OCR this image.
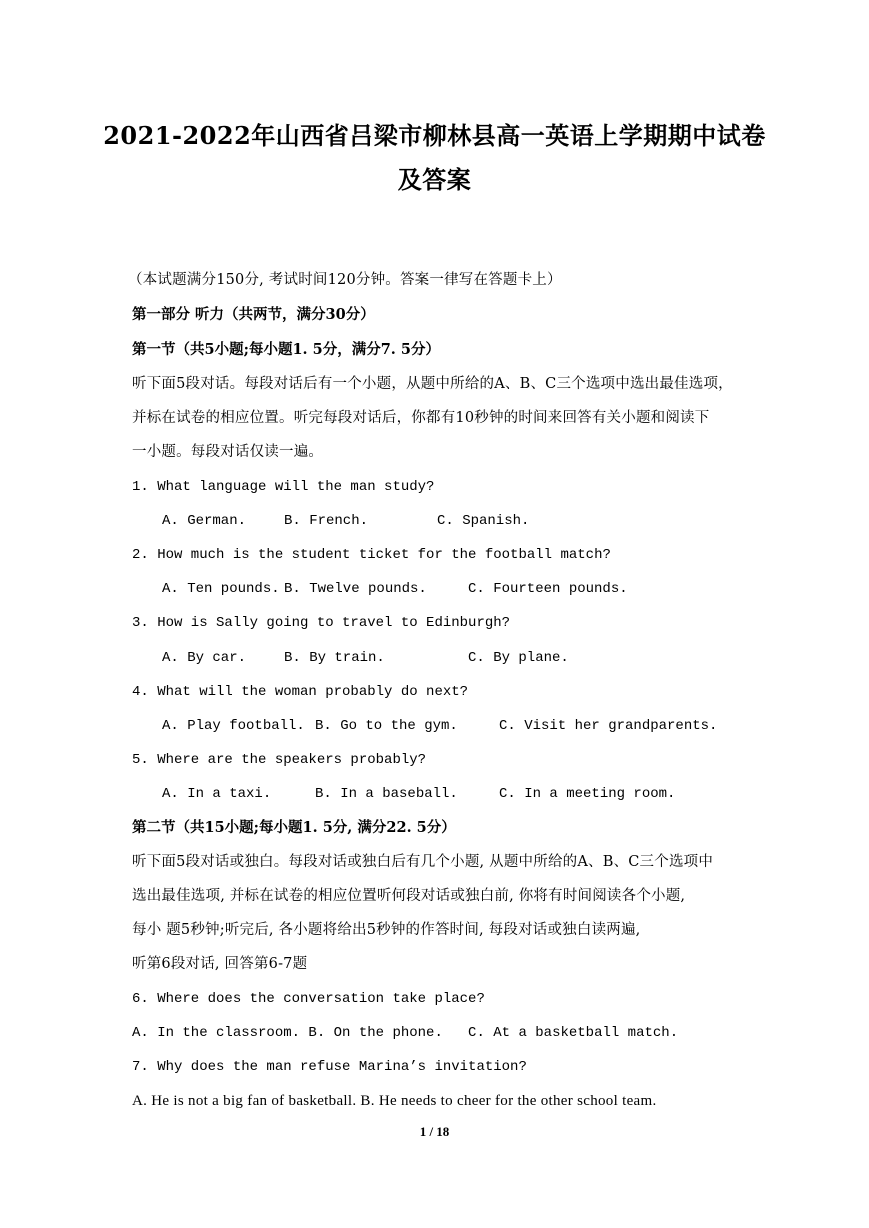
2021-2022年山西省吕梁市柳林县高一英语上学期期中试卷
及答案
（本试题满分150分, 考试时间120分钟。答案一律写在答题卡上）
第一部分 听力（共两节，满分30分）
第一节（共5小题;每小题1. 5分，满分7. 5分）
听下面5段对话。每段对话后有一个小题，从题中所给的A、B、C三个选项中选出最佳选项，
并标在试卷的相应位置。听完每段对话后，你都有10秒钟的时间来回答有关小题和阅读下
一小题。每段对话仅读一遍。
1. What language will the man study?
A. German.	B. French.	C. Spanish.
2. How much is the student ticket for the football match?
A. Ten pounds. B. Twelve pounds.	C. Fourteen pounds.
3. How is Sally going to travel to Edinburgh?
A. By car.	B. By train.	C. By plane.
4. What will the woman probably do next?
A. Play football. B. Go to the gym.	C. Visit her grandparents.
5. Where are the speakers probably?
A. In a taxi.	B. In a baseball.	C. In a meeting room.
第二节（共15小题;每小题1. 5分, 满分22. 5分）
听下面5段对话或独白。每段对话或独白后有几个小题, 从题中所给的A、B、C三个选项中
选出最佳选项, 并标在试卷的相应位置听何段对话或独白前, 你将有时间阅读各个小题,
每小 题5秒钟;听完后, 各小题将给出5秒钟的作答时间, 每段对话或独白读两遍,
听第6段对话, 回答第6-7题
6. Where does the conversation take place?
A. In the classroom. B. On the phone.   C. At a basketball match.
7. Why does the man refuse Marina’s invitation?
A. He is not a big fan of basketball. B. He needs to cheer for the other school team.
1 / 18
